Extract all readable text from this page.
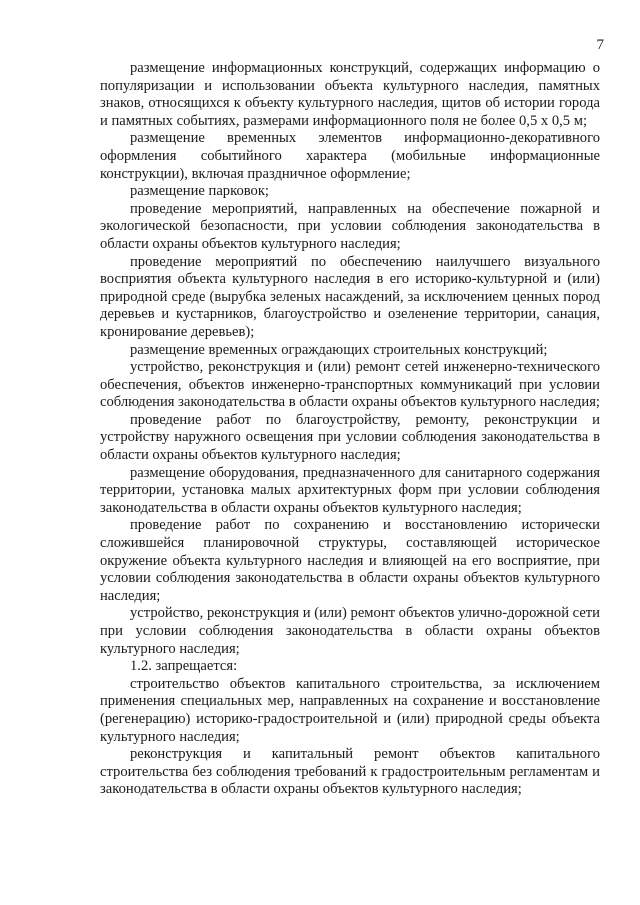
7

размещение информационных конструкций, содержащих информацию о популяризации и использовании объекта культурного наследия, памятных знаков, относящихся к объекту культурного наследия, щитов об истории города и памятных событиях, размерами информационного поля не более 0,5 х 0,5 м;

размещение временных элементов информационно-декоративного оформления событийного характера (мобильные информационные конструкции), включая праздничное оформление;

размещение парковок;

проведение мероприятий, направленных на обеспечение пожарной и экологической безопасности, при условии соблюдения законодательства в области охраны объектов культурного наследия;

проведение мероприятий по обеспечению наилучшего визуального восприятия объекта культурного наследия в его историко-культурной и (или) природной среде (вырубка зеленых насаждений, за исключением ценных пород деревьев и кустарников, благоустройство и озеленение территории, санация, кронирование деревьев);

размещение временных ограждающих строительных конструкций;

устройство, реконструкция и (или) ремонт сетей инженерно-технического обеспечения, объектов инженерно-транспортных коммуникаций при условии соблюдения законодательства в области охраны объектов культурного наследия;

проведение работ по благоустройству, ремонту, реконструкции и устройству наружного освещения при условии соблюдения законодательства в области охраны объектов культурного наследия;

размещение оборудования, предназначенного для санитарного содержания территории, установка малых архитектурных форм при условии соблюдения законодательства в области охраны объектов культурного наследия;

проведение работ по сохранению и восстановлению исторически сложившейся планировочной структуры, составляющей историческое окружение объекта культурного наследия и влияющей на его восприятие, при условии соблюдения законодательства в области охраны объектов культурного наследия;

устройство, реконструкция и (или) ремонт объектов улично-дорожной сети при условии соблюдения законодательства в области охраны объектов культурного наследия;

1.2. запрещается:

строительство объектов капитального строительства, за исключением применения специальных мер, направленных на сохранение и восстановление (регенерацию) историко-градостроительной и (или) природной среды объекта культурного наследия;

реконструкция и капитальный ремонт объектов капитального строительства без соблюдения требований к градостроительным регламентам и законодательства в области охраны объектов культурного наследия;
